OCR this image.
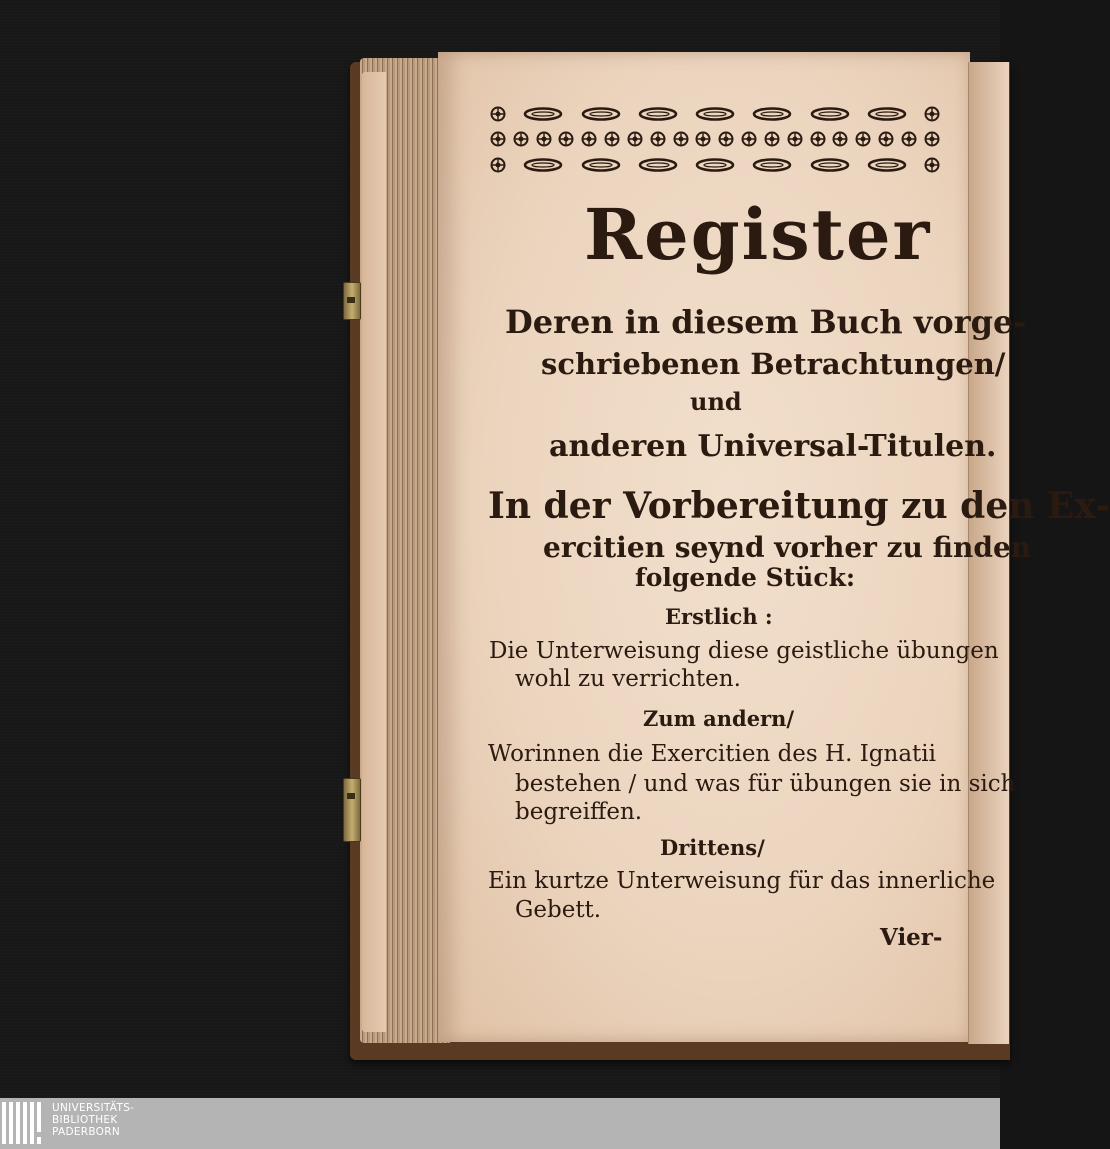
Register
Deren in diesem Buch vorge-
schriebenen Betrachtungen/
und
anderen Universal-Titulen.
In der Vorbereitung zu den Ex-
ercitien seynd vorher zu finden
folgende Stück:
Erstlich :
Die Unterweisung diese geistliche übungen
wohl zu verrichten.
Zum andern/
Worinnen die Exercitien des H. Ignatii
bestehen / und was für übungen sie in sich
begreiffen.
Drittens/
Ein kurtze Unterweisung für das innerliche
Gebett.
Vier-
UNIVERSITÄTS-
BIBLIOTHEK
PADERBORN
